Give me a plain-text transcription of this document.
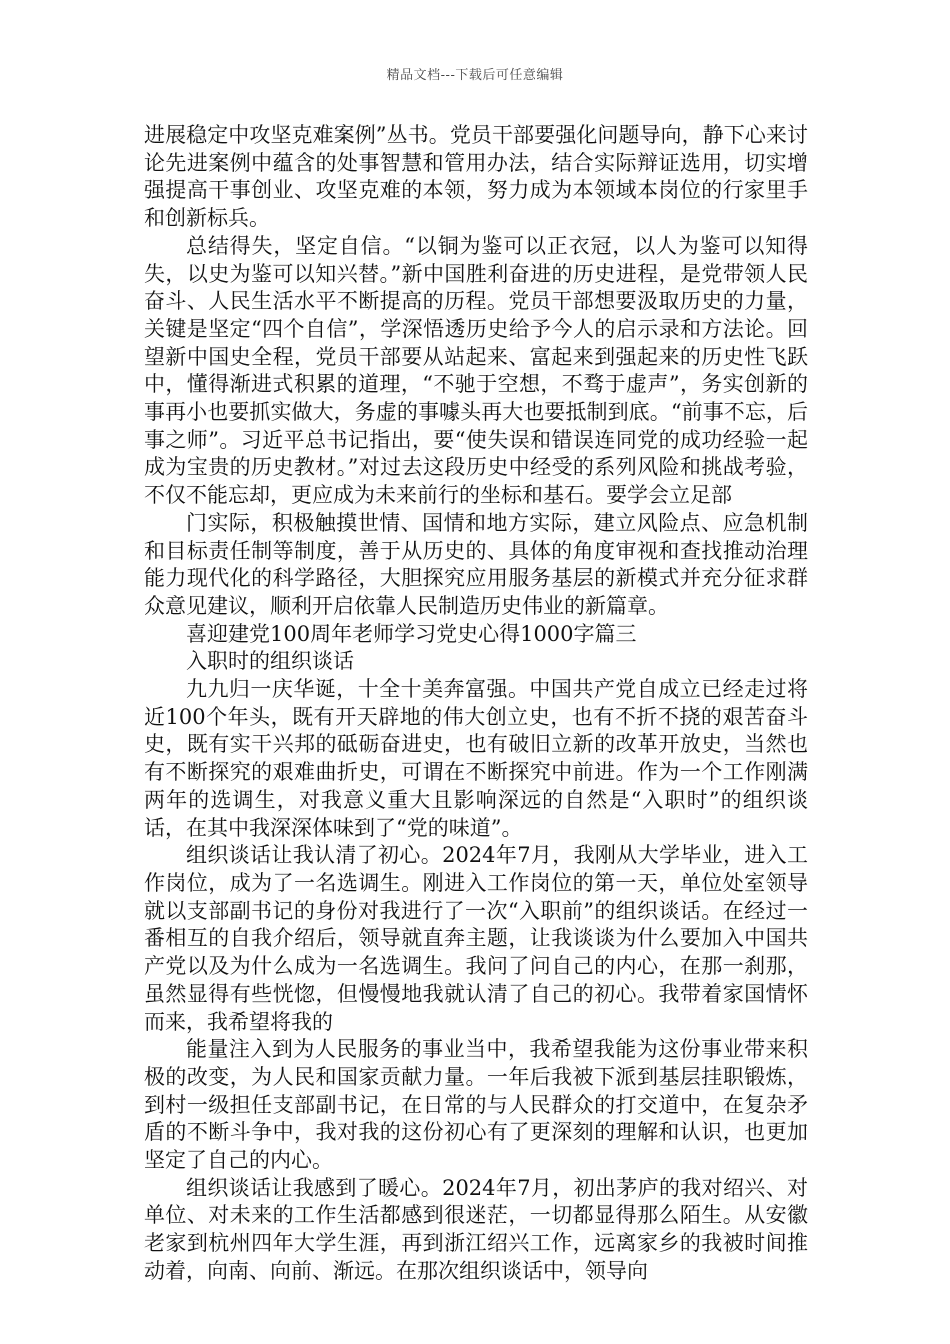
精品文档---下载后可任意编辑

进展稳定中攻坚克难案例”丛书。党员干部要强化问题导向，静下心来讨论先进案例中蕴含的处事智慧和管用办法，结合实际辩证选用，切实增强提高干事创业、攻坚克难的本领，努力成为本领域本岗位的行家里手和创新标兵。

总结得失，坚定自信。“以铜为鉴可以正衣冠，以人为鉴可以知得失，以史为鉴可以知兴替。”新中国胜利奋进的历史进程，是党带领人民奋斗、人民生活水平不断提高的历程。党员干部想要汲取历史的力量，关键是坚定“四个自信”，学深悟透历史给予今人的启示录和方法论。回望新中国史全程，党员干部要从站起来、富起来到强起来的历史性飞跃中，懂得渐进式积累的道理，“不驰于空想，不骛于虚声”，务实创新的事再小也要抓实做大，务虚的事噱头再大也要抵制到底。“前事不忘，后事之师”。习近平总书记指出，要“使失误和错误连同党的成功经验一起成为宝贵的历史教材。”对过去这段历史中经受的系列风险和挑战考验，不仅不能忘却，更应成为未来前行的坐标和基石。要学会立足部

门实际，积极触摸世情、国情和地方实际，建立风险点、应急机制和目标责任制等制度，善于从历史的、具体的角度审视和查找推动治理能力现代化的科学路径，大胆探究应用服务基层的新模式并充分征求群众意见建议，顺利开启依靠人民制造历史伟业的新篇章。

喜迎建党100周年老师学习党史心得1000字篇三

入职时的组织谈话

九九归一庆华诞，十全十美奔富强。中国共产党自成立已经走过将近100个年头，既有开天辟地的伟大创立史，也有不折不挠的艰苦奋斗史，既有实干兴邦的砥砺奋进史，也有破旧立新的改革开放史，当然也有不断探究的艰难曲折史，可谓在不断探究中前进。作为一个工作刚满两年的选调生，对我意义重大且影响深远的自然是“入职时”的组织谈话，在其中我深深体味到了“党的味道”。

组织谈话让我认清了初心。2024年7月，我刚从大学毕业，进入工作岗位，成为了一名选调生。刚进入工作岗位的第一天，单位处室领导就以支部副书记的身份对我进行了一次“入职前”的组织谈话。在经过一番相互的自我介绍后，领导就直奔主题，让我谈谈为什么要加入中国共产党以及为什么成为一名选调生。我问了问自己的内心，在那一刹那，虽然显得有些恍惚，但慢慢地我就认清了自己的初心。我带着家国情怀而来，我希望将我的

能量注入到为人民服务的事业当中，我希望我能为这份事业带来积极的改变，为人民和国家贡献力量。一年后我被下派到基层挂职锻炼，到村一级担任支部副书记，在日常的与人民群众的打交道中，在复杂矛盾的不断斗争中，我对我的这份初心有了更深刻的理解和认识，也更加坚定了自己的内心。

组织谈话让我感到了暖心。2024年7月，初出茅庐的我对绍兴、对单位、对未来的工作生活都感到很迷茫，一切都显得那么陌生。从安徽老家到杭州四年大学生涯，再到浙江绍兴工作，远离家乡的我被时间推动着，向南、向前、渐远。在那次组织谈话中，领导向
